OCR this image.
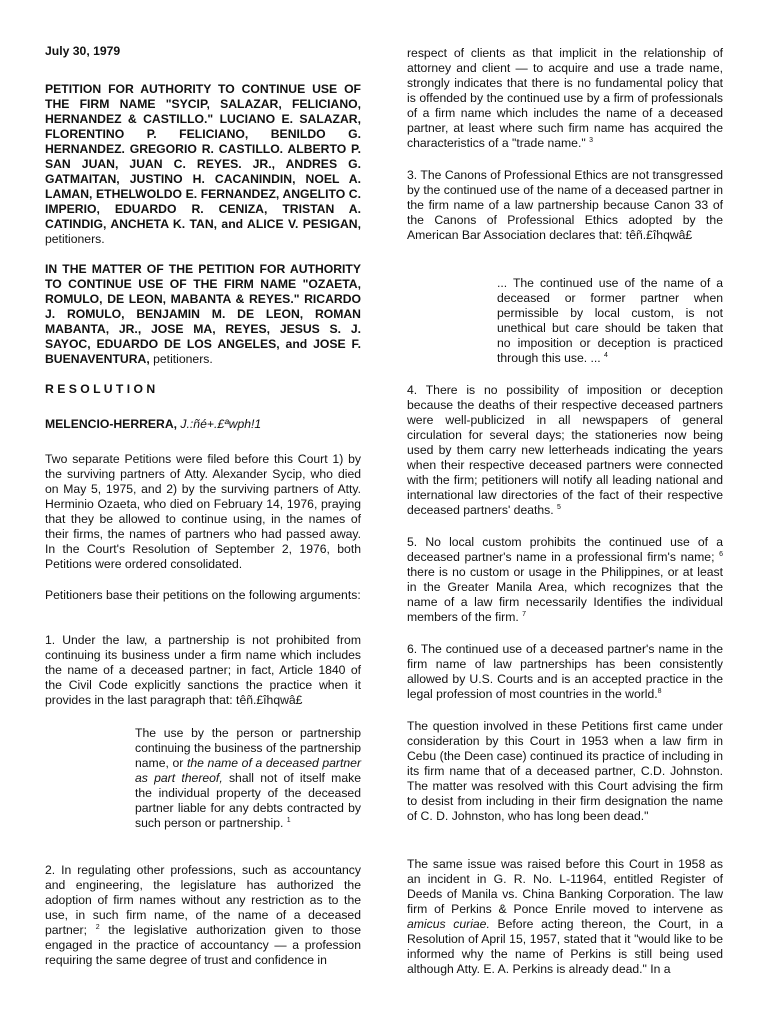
July 30, 1979

PETITION FOR AUTHORITY TO CONTINUE USE OF THE FIRM NAME "SYCIP, SALAZAR, FELICIANO, HERNANDEZ & CASTILLO." LUCIANO E. SALAZAR, FLORENTINO P. FELICIANO, BENILDO G. HERNANDEZ. GREGORIO R. CASTILLO. ALBERTO P. SAN JUAN, JUAN C. REYES. JR., ANDRES G. GATMAITAN, JUSTINO H. CACANINDIN, NOEL A. LAMAN, ETHELWOLDO E. FERNANDEZ, ANGELITO C. IMPERIO, EDUARDO R. CENIZA, TRISTAN A. CATINDIG, ANCHETA K. TAN, and ALICE V. PESIGAN, petitioners.

IN THE MATTER OF THE PETITION FOR AUTHORITY TO CONTINUE USE OF THE FIRM NAME "OZAETA, ROMULO, DE LEON, MABANTA & REYES." RICARDO J. ROMULO, BENJAMIN M. DE LEON, ROMAN MABANTA, JR., JOSE MA, REYES, JESUS S. J. SAYOC, EDUARDO DE LOS ANGELES, and JOSE F. BUENAVENTURA, petitioners.

R E S O L U T I O N

MELENCIO-HERRERA, J.:ñé+.£ªwph!1

Two separate Petitions were filed before this Court 1) by the surviving partners of Atty. Alexander Sycip, who died on May 5, 1975, and 2) by the surviving partners of Atty. Herminio Ozaeta, who died on February 14, 1976, praying that they be allowed to continue using, in the names of their firms, the names of partners who had passed away. In the Court's Resolution of September 2, 1976, both Petitions were ordered consolidated.

Petitioners base their petitions on the following arguments:

1. Under the law, a partnership is not prohibited from continuing its business under a firm name which includes the name of a deceased partner; in fact, Article 1840 of the Civil Code explicitly sanctions the practice when it provides in the last paragraph that: têñ.£îhqwâ£

The use by the person or partnership continuing the business of the partnership name, or the name of a deceased partner as part thereof, shall not of itself make the individual property of the deceased partner liable for any debts contracted by such person or partnership. $^1$

2. In regulating other professions, such as accountancy and engineering, the legislature has authorized the adoption of firm names without any restriction as to the use, in such firm name, of the name of a deceased partner; $^2$ the legislative authorization given to those engaged in the practice of accountancy — a profession requiring the same degree of trust and confidence in

respect of clients as that implicit in the relationship of attorney and client — to acquire and use a trade name, strongly indicates that there is no fundamental policy that is offended by the continued use by a firm of professionals of a firm name which includes the name of a deceased partner, at least where such firm name has acquired the characteristics of a "trade name." $^3$

3. The Canons of Professional Ethics are not transgressed by the continued use of the name of a deceased partner in the firm name of a law partnership because Canon 33 of the Canons of Professional Ethics adopted by the American Bar Association declares that: têñ.£îhqwâ£

... The continued use of the name of a deceased or former partner when permissible by local custom, is not unethical but care should be taken that no imposition or deception is practiced through this use. ... $^4$

4. There is no possibility of imposition or deception because the deaths of their respective deceased partners were well-publicized in all newspapers of general circulation for several days; the stationeries now being used by them carry new letterheads indicating the years when their respective deceased partners were connected with the firm; petitioners will notify all leading national and international law directories of the fact of their respective deceased partners' deaths. $^5$

5. No local custom prohibits the continued use of a deceased partner's name in a professional firm's name; $^6$ there is no custom or usage in the Philippines, or at least in the Greater Manila Area, which recognizes that the name of a law firm necessarily Identifies the individual members of the firm. $^7$

6. The continued use of a deceased partner's name in the firm name of law partnerships has been consistently allowed by U.S. Courts and is an accepted practice in the legal profession of most countries in the world.$^8$

The question involved in these Petitions first came under consideration by this Court in 1953 when a law firm in Cebu (the Deen case) continued its practice of including in its firm name that of a deceased partner, C.D. Johnston. The matter was resolved with this Court advising the firm to desist from including in their firm designation the name of C. D. Johnston, who has long been dead."

The same issue was raised before this Court in 1958 as an incident in G. R. No. L-11964, entitled Register of Deeds of Manila vs. China Banking Corporation. The law firm of Perkins & Ponce Enrile moved to intervene as amicus curiae. Before acting thereon, the Court, in a Resolution of April 15, 1957, stated that it "would like to be informed why the name of Perkins is still being used although Atty. E. A. Perkins is already dead." In a
